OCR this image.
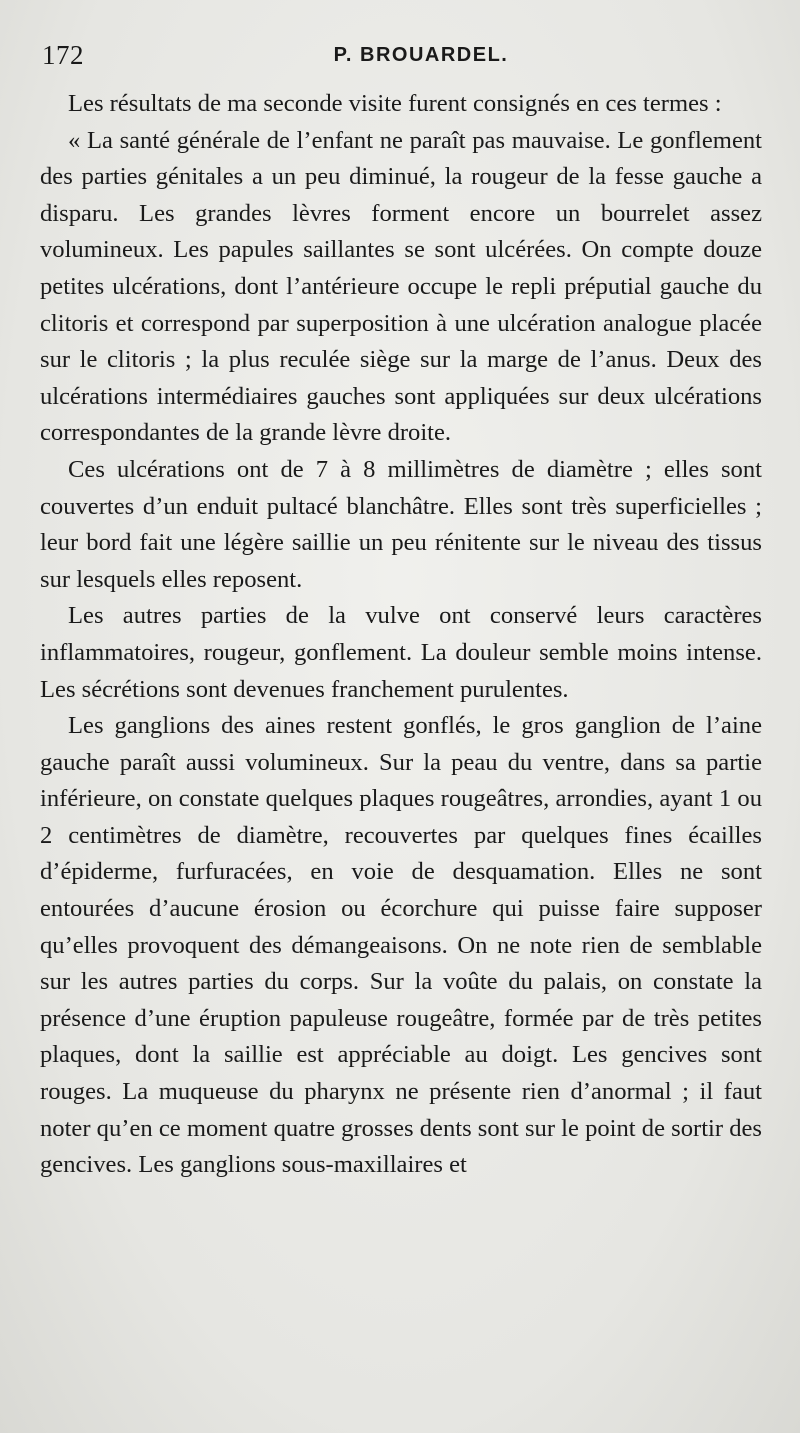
172	P. BROUARDEL.

Les résultats de ma seconde visite furent consignés en ces termes :

« La santé générale de l’enfant ne paraît pas mauvaise. Le gonflement des parties génitales a un peu diminué, la rougeur de la fesse gauche a disparu. Les grandes lèvres forment encore un bourrelet assez volumineux. Les papules saillantes se sont ulcérées. On compte douze petites ulcérations, dont l’antérieure occupe le repli préputial gauche du clitoris et correspond par superposition à une ulcération analogue placée sur le clitoris ; la plus reculée siège sur la marge de l’anus. Deux des ulcérations intermédiaires gauches sont appliquées sur deux ulcérations correspondantes de la grande lèvre droite.

Ces ulcérations ont de 7 à 8 millimètres de diamètre ; elles sont couvertes d’un enduit pultacé blanchâtre. Elles sont très superficielles ; leur bord fait une légère saillie un peu rénitente sur le niveau des tissus sur lesquels elles reposent.

Les autres parties de la vulve ont conservé leurs caractères inflammatoires, rougeur, gonflement. La douleur semble moins intense. Les sécrétions sont devenues franchement purulentes.

Les ganglions des aines restent gonflés, le gros ganglion de l’aine gauche paraît aussi volumineux. Sur la peau du ventre, dans sa partie inférieure, on constate quelques plaques rougeâtres, arrondies, ayant 1 ou 2 centimètres de diamètre, recouvertes par quelques fines écailles d’épiderme, furfuracées, en voie de desquamation. Elles ne sont entourées d’aucune érosion ou écorchure qui puisse faire supposer qu’elles provoquent des démangeaisons. On ne note rien de semblable sur les autres parties du corps. Sur la voûte du palais, on constate la présence d’une éruption papuleuse rougeâtre, formée par de très petites plaques, dont la saillie est appréciable au doigt. Les gencives sont rouges. La muqueuse du pharynx ne présente rien d’anormal ; il faut noter qu’en ce moment quatre grosses dents sont sur le point de sortir des gencives. Les ganglions sous-maxillaires et
